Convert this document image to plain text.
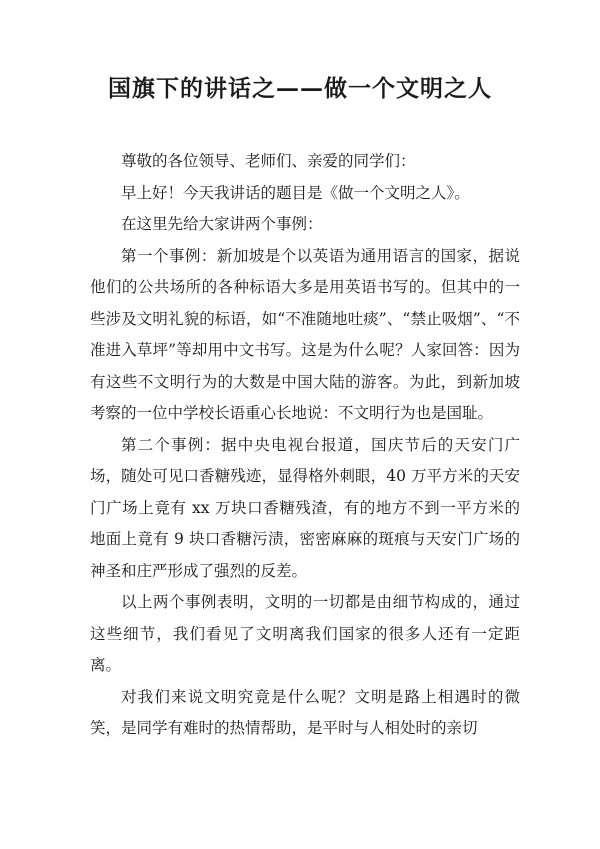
国旗下的讲话之——做一个文明之人

尊敬的各位领导、老师们、亲爱的同学们：

早上好！今天我讲话的题目是《做一个文明之人》。

在这里先给大家讲两个事例：

第一个事例：新加坡是个以英语为通用语言的国家，据说他们的公共场所的各种标语大多是用英语书写的。但其中的一些涉及文明礼貌的标语，如“不准随地吐痰”、“禁止吸烟”、“不准进入草坪”等却用中文书写。这是为什么呢？人家回答：因为有这些不文明行为的大数是中国大陆的游客。为此，到新加坡考察的一位中学校长语重心长地说：不文明行为也是国耻。

第二个事例：据中央电视台报道，国庆节后的天安门广场，随处可见口香糖残迹，显得格外刺眼，40 万平方米的天安门广场上竟有 xx 万块口香糖残渣，有的地方不到一平方米的地面上竟有 9 块口香糖污渍，密密麻麻的斑痕与天安门广场的神圣和庄严形成了强烈的反差。

以上两个事例表明，文明的一切都是由细节构成的，通过这些细节，我们看见了文明离我们国家的很多人还有一定距离。

对我们来说文明究竟是什么呢？文明是路上相遇时的微笑，是同学有难时的热情帮助，是平时与人相处时的亲切
